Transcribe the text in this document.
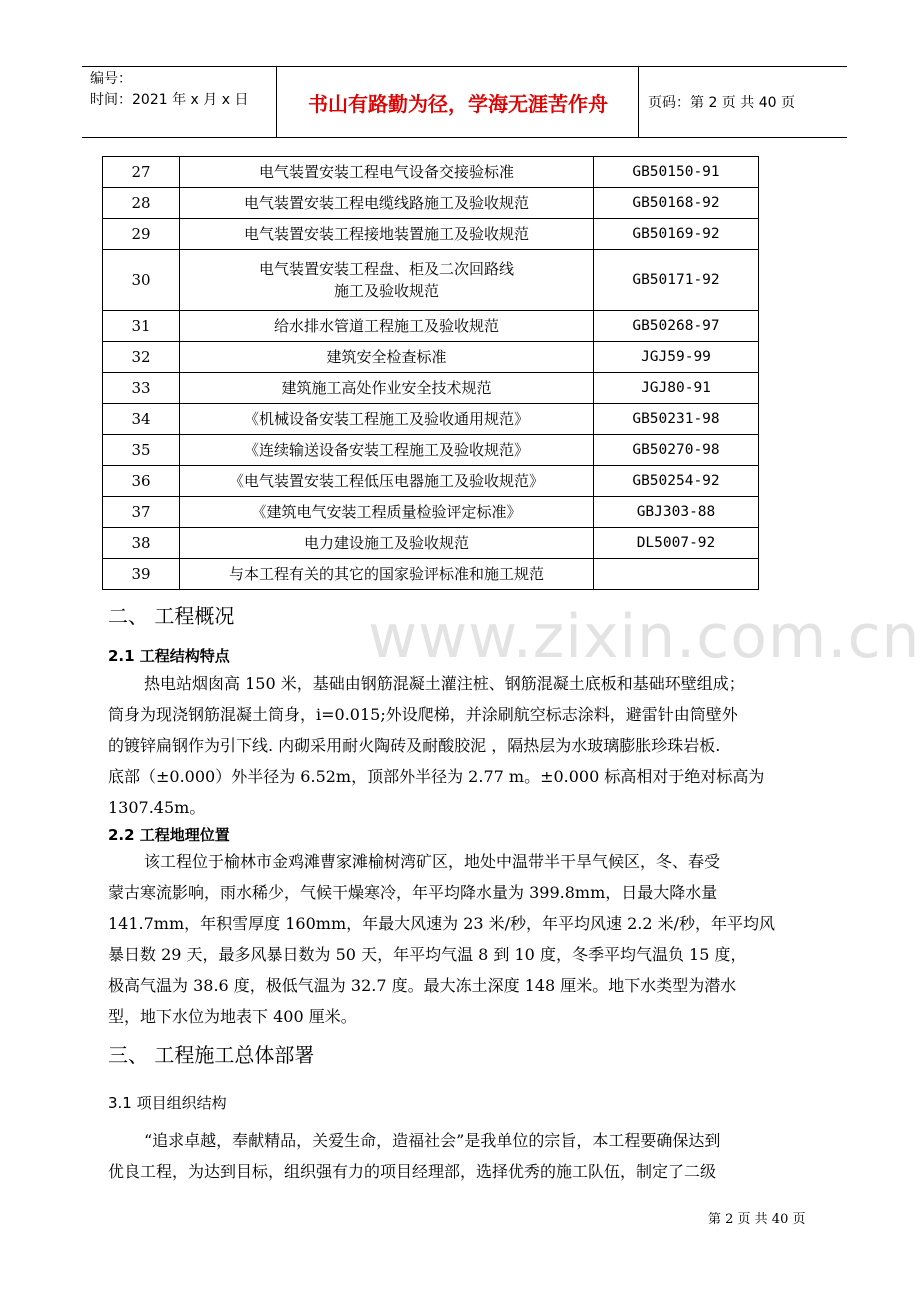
编号：
时间：2021 年 x 月 x 日	书山有路勤为径，学海无涯苦作舟	页码：第 2 页 共 40 页
27	电气装置安装工程电气设备交接验标准	GB50150-91
28	电气装置安装工程电缆线路施工及验收规范	GB50168-92
29	电气装置安装工程接地装置施工及验收规范	GB50169-92
30	电气装置安装工程盘、柜及二次回路线
施工及验收规范	GB50171-92
31	给水排水管道工程施工及验收规范	GB50268-97
32	建筑安全检查标准	JGJ59-99
33	建筑施工高处作业安全技术规范	JGJ80-91
34	《机械设备安装工程施工及验收通用规范》	GB50231-98
35	《连续输送设备安装工程施工及验收规范》	GB50270-98
36	《电气装置安装工程低压电器施工及验收规范》	GB50254-92
37	《建筑电气安装工程质量检验评定标准》	GBJ303-88
38	电力建设施工及验收规范	DL5007-92
39	与本工程有关的其它的国家验评标准和施工规范	
www.zixin.com.cn
二、 工程概况
2.1 工程结构特点
热电站烟囱高 150 米，基础由钢筋混凝土灌注桩、钢筋混凝土底板和基础环壁组成；
筒身为现浇钢筋混凝土筒身，i=0.015;外设爬梯，并涂刷航空标志涂料，避雷针由筒壁外
的镀锌扁钢作为引下线. 内砌采用耐火陶砖及耐酸胶泥 ，隔热层为水玻璃膨胀珍珠岩板.
底部（±0.000）外半径为 6.52m，顶部外半径为 2.77 m。±0.000 标高相对于绝对标高为
1307.45m。
2.2 工程地理位置
该工程位于榆林市金鸡滩曹家滩榆树湾矿区，地处中温带半干旱气候区，冬、春受
蒙古寒流影响，雨水稀少，气候干燥寒冷，年平均降水量为 399.8mm，日最大降水量
141.7mm，年积雪厚度 160mm，年最大风速为 23 米/秒，年平均风速 2.2 米/秒，年平均风
暴日数 29 天，最多风暴日数为 50 天，年平均气温 8 到 10 度，冬季平均气温负 15 度，
极高气温为 38.6 度，极低气温为 32.7 度。最大冻土深度 148 厘米。地下水类型为潜水
型，地下水位为地表下 400 厘米。
三、 工程施工总体部署
3.1 项目组织结构
“追求卓越，奉献精品，关爱生命，造福社会”是我单位的宗旨，本工程要确保达到
优良工程，为达到目标，组织强有力的项目经理部，选择优秀的施工队伍，制定了二级
第 2 页 共 40 页
